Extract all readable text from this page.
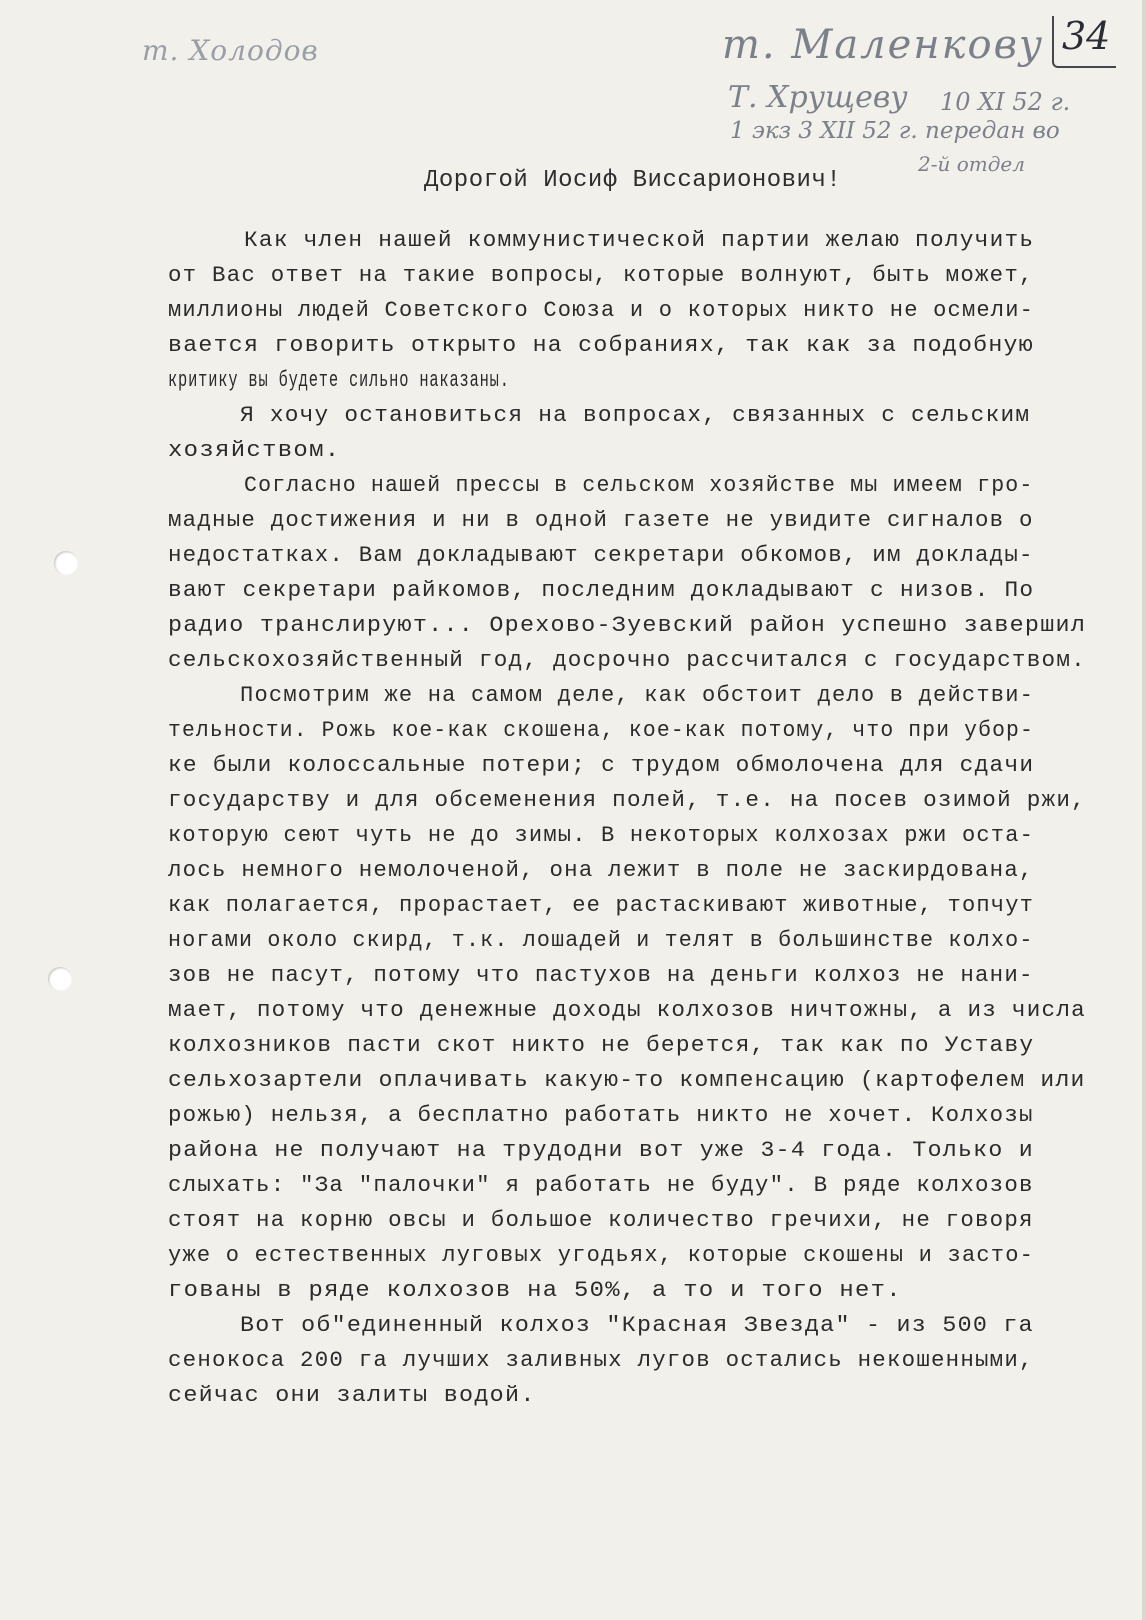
т. Холодов	т. Маленкову
Т. Хрущеву 10 XI 52 г.
1 экз 3 XII 52 г. передан во
2-й отдел
34
Дорогой Иосиф Виссарионович!
Как член нашей коммунистической партии желаю получить
от Вас ответ на такие вопросы, которые волнуют, быть может,
миллионы людей Советского Союза и о которых никто не осмели-
вается говорить открыто на собраниях, так как за подобную
критику вы будете сильно наказаны.
Я хочу остановиться на вопросах, связанных с сельским
хозяйством.
Согласно нашей прессы в сельском хозяйстве мы имеем гро-
мадные достижения и ни в одной газете не увидите сигналов о
недостатках. Вам докладывают секретари обкомов, им доклады-
вают секретари райкомов, последним докладывают с низов. По
радио транслируют... Орехово-Зуевский район успешно завершил
сельскохозяйственный год, досрочно рассчитался с государством.
Посмотрим же на самом деле, как обстоит дело в действи-
тельности. Рожь кое-как скошена, кое-как потому, что при убор-
ке были колоссальные потери; с трудом обмолочена для сдачи
государству и для обсеменения полей, т.е. на посев озимой ржи,
которую сеют чуть не до зимы. В некоторых колхозах ржи оста-
лось немного немолоченой, она лежит в поле не заскирдована,
как полагается, прорастает, ее растаскивают животные, топчут
ногами около скирд, т.к. лошадей и телят в большинстве колхо-
зов не пасут, потому что пастухов на деньги колхоз не нани-
мает, потому что денежные доходы колхозов ничтожны, а из числа
колхозников пасти скот никто не берется, так как по Уставу
сельхозартели оплачивать какую-то компенсацию (картофелем или
рожью) нельзя, а бесплатно работать никто не хочет. Колхозы
района не получают на трудодни вот уже 3-4 года. Только и
слыхать: "За "палочки" я работать не буду". В ряде колхозов
стоят на корню овсы и большое количество гречихи, не говоря
уже о естественных луговых угодьях, которые скошены и засто-
гованы в ряде колхозов на 50%, а то и того нет.
Вот об"единенный колхоз "Красная Звезда" - из 500 га
сенокоса 200 га лучших заливных лугов остались некошенными,
сейчас они залиты водой.
